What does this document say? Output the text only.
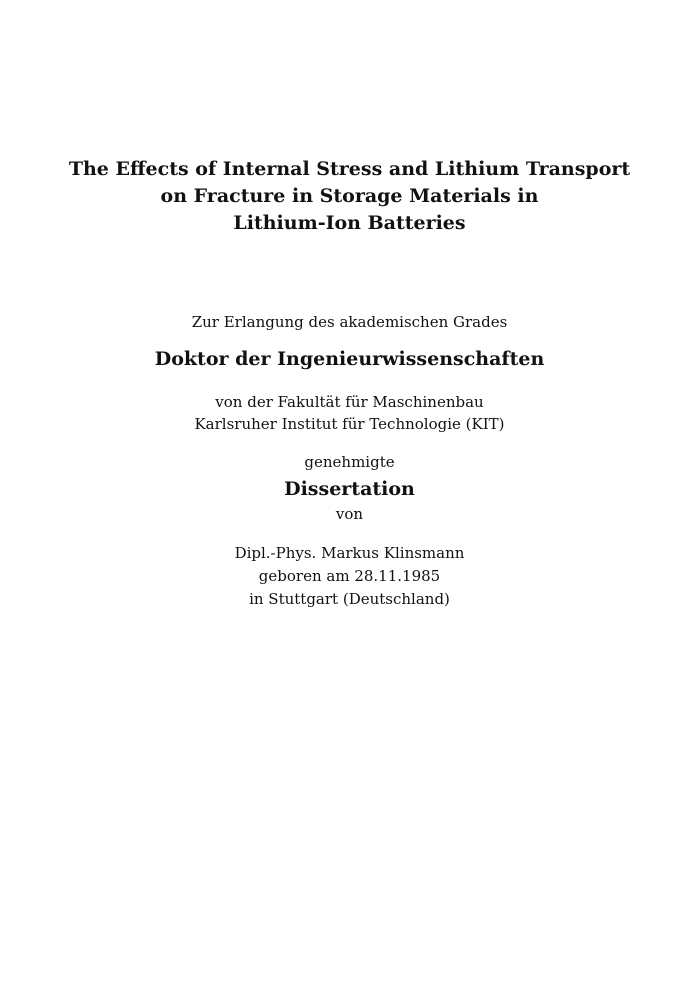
The Effects of Internal Stress and Lithium Transport
on Fracture in Storage Materials in
Lithium-Ion Batteries
Zur Erlangung des akademischen Grades
Doktor der Ingenieurwissenschaften
von der Fakultät für Maschinenbau
Karlsruher Institut für Technologie (KIT)
genehmigte
Dissertation
von
Dipl.-Phys. Markus Klinsmann
geboren am 28.11.1985
in Stuttgart (Deutschland)
